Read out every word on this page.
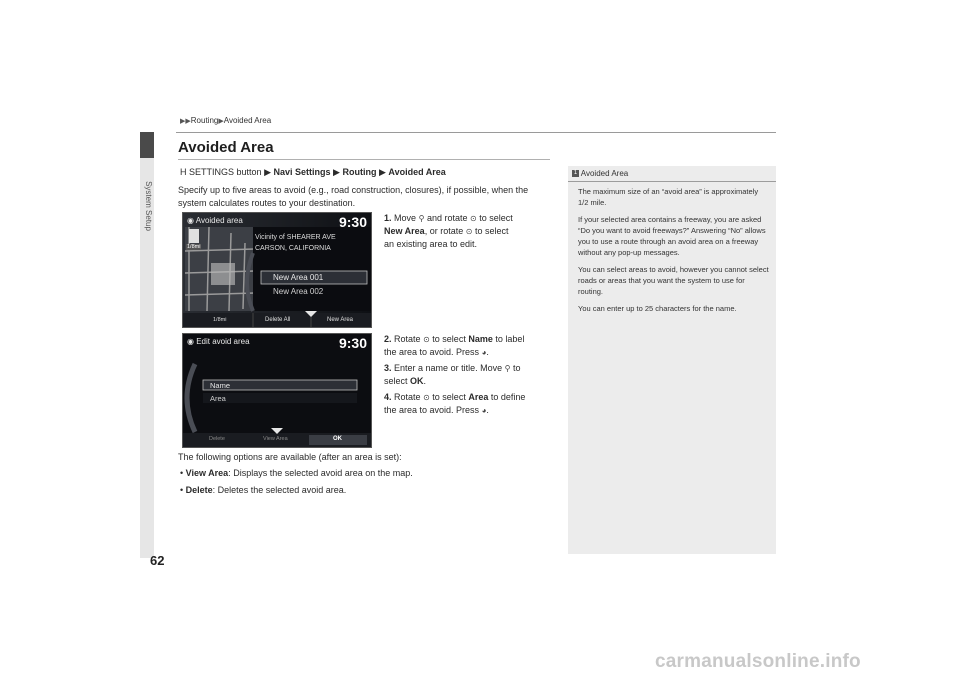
System Setup
▶▶Routing▶Avoided Area
Avoided Area
H SETTINGS button ▶ Navi Settings ▶ Routing ▶ Avoided Area
Specify up to five areas to avoid (e.g., road construction, closures), if possible, when the system calculates routes to your destination.
◉ Avoided area	9:30
Vicinity of SHEARER AVE
CARSON, CALIFORNIA
New Area 001
New Area 002
1/8mi
1/8mi	Delete All	New Area
◉ Edit avoid area	9:30
Name
Area
Delete	View Area	OK
1. Move ⚲ and rotate ⊙ to select
New Area, or rotate ⊙ to select
an existing area to edit.
2. Rotate ⊙ to select Name to label
the area to avoid. Press ◕.
3. Enter a name or title. Move ⚲ to
select OK.
4. Rotate ⊙ to select Area to define
the area to avoid. Press ◕.
The following options are available (after an area is set):
• View Area: Displays the selected avoid area on the map.
• Delete: Deletes the selected avoid area.
1 Avoided Area

The maximum size of an “avoid area” is approximately 1/2 mile.

If your selected area contains a freeway, you are asked “Do you want to avoid freeways?” Answering “No” allows you to use a route through an avoid area on a freeway without any pop-up messages.

You can select areas to avoid, however you cannot select roads or areas that you want the system to use for routing.

You can enter up to 25 characters for the name.

62
carmanualsonline.info
